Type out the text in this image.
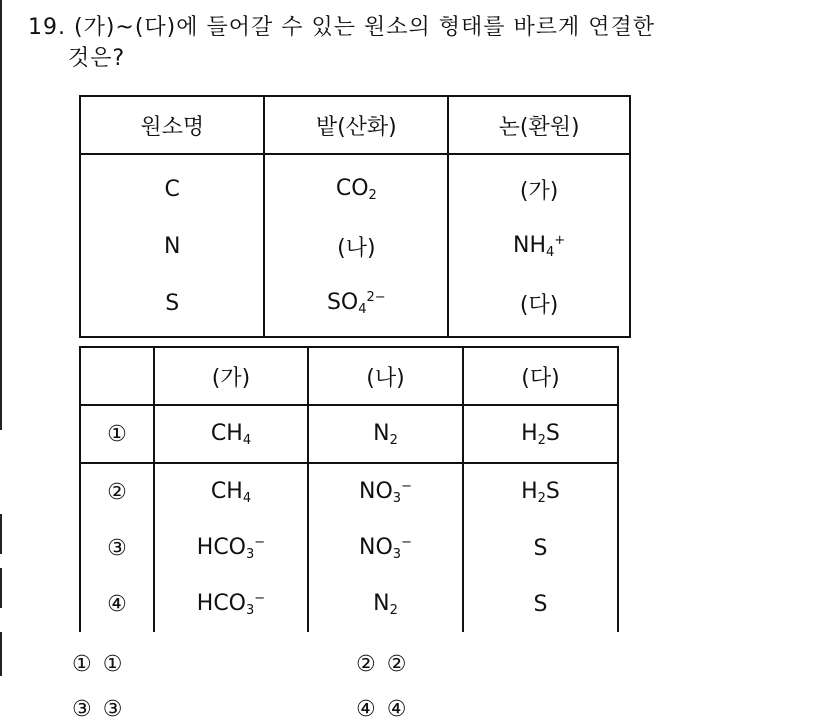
19. (가)~(다)에 들어갈 수 있는 원소의 형태를 바르게 연결한
것은?
원소명	밭(산화)	논(환원)
C	$CO_2$	(가)
N	(나)	$NH_4^+$
S	$SO_4^{2-}$	(다)
	(가)	(나)	(다)
①	$CH_4$	$N_2$	$H_2S$
②	$CH_4$	$NO_3^-$	$H_2S$
③	$HCO_3^-$	$NO_3^-$	S
④	$HCO_3^-$	$N_2$	S
① ①	② ②
③ ③	④ ④
